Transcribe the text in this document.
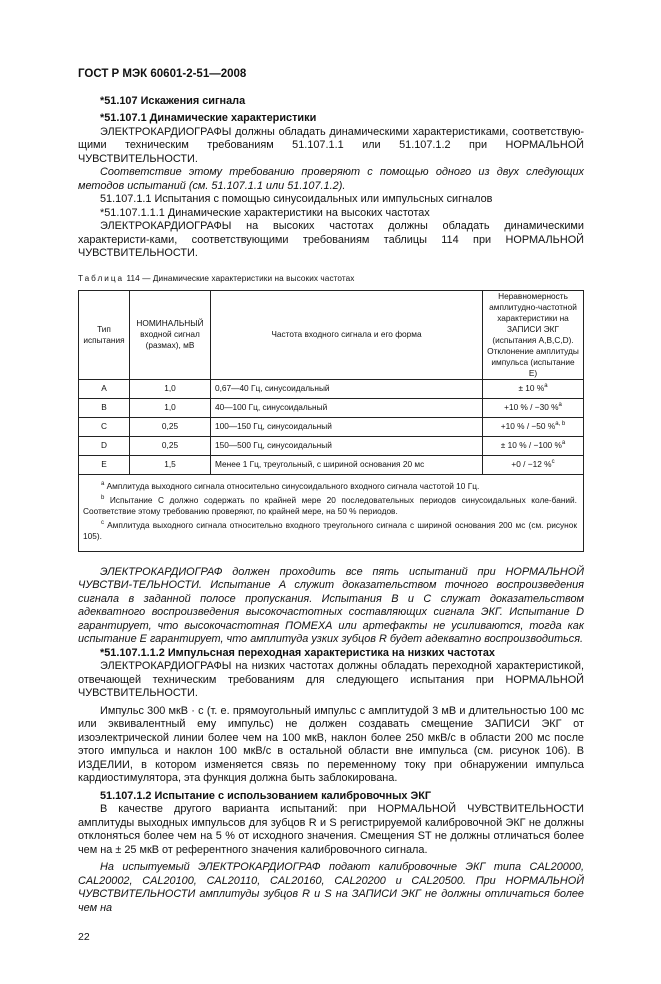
ГОСТ Р МЭК 60601-2-51—2008

*51.107 Искажения сигнала

*51.107.1 Динамические характеристики

ЭЛЕКТРОКАРДИОГРАФЫ должны обладать динамическими характеристиками, соответствую-щими техническим требованиям 51.107.1.1 или 51.107.1.2 при НОРМАЛЬНОЙ ЧУВСТВИТЕЛЬНОСТИ.

Соответствие этому требованию проверяют с помощью одного из двух следующих методов испытаний (см. 51.107.1.1 или 51.107.1.2).

51.107.1.1 Испытания с помощью синусоидальных или импульсных сигналов

*51.107.1.1.1 Динамические характеристики на высоких частотах

ЭЛЕКТРОКАРДИОГРАФЫ на высоких частотах должны обладать динамическими характеристи-ками, соответствующими требованиям таблицы 114 при НОРМАЛЬНОЙ ЧУВСТВИТЕЛЬНОСТИ.

Таблица 114 — Динамические характеристики на высоких частотах
Тип испытания	НОМИНАЛЬНЫЙ входной сигнал (размах), мВ	Частота входного сигнала и его форма	Неравномерность амплитудно-частотной характеристики на ЗАПИСИ ЭКГ (испытания A,B,C,D). Отклонение амплитуды импульса (испытание E)
A	1,0	0,67—40 Гц, синусоидальный	± 10 %$^a$
B	1,0	40—100 Гц, синусоидальный	+10 % / −30 %$^a$
C	0,25	100—150 Гц, синусоидальный	+10 % / −50 %$^{a, b}$
D	0,25	150—500 Гц, синусоидальный	± 10 % / −100 %$^a$
E	1,5	Менее 1 Гц, треугольный, с шириной основания 20 мс	+0 / −12 %$^c$

$^a$ Амплитуда выходного сигнала относительно синусоидального входного сигнала частотой 10 Гц.
$^b$ Испытание С должно содержать по крайней мере 20 последовательных периодов синусоидальных коле-баний. Соответствие этому требованию проверяют, по крайней мере, на 50 % периодов.
$^c$ Амплитуда выходного сигнала относительно входного треугольного сигнала с шириной основания 200 мс (см. рисунок 105).			

ЭЛЕКТРОКАРДИОГРАФ должен проходить все пять испытаний при НОРМАЛЬНОЙ ЧУВСТВИ-ТЕЛЬНОСТИ. Испытание А служит доказательством точного воспроизведения сигнала в заданной полосе пропускания. Испытания В и С служат доказательством адекватного воспроизведения высокочастотных составляющих сигнала ЭКГ. Испытание D гарантирует, что высокочастотная ПОМЕХА или артефакты не усиливаются, тогда как испытание E гарантирует, что амплитуда узких зубцов R будет адекватно воспроизводиться.

*51.107.1.1.2 Импульсная переходная характеристика на низких частотах

ЭЛЕКТРОКАРДИОГРАФЫ на низких частотах должны обладать переходной характеристикой, отвечающей техническим требованиям для следующего испытания при НОРМАЛЬНОЙ ЧУВСТВИТЕЛЬНОСТИ.

Импульс 300 мкВ · с (т. е. прямоугольный импульс с амплитудой 3 мВ и длительностью 100 мс или эквивалентный ему импульс) не должен создавать смещение ЗАПИСИ ЭКГ от изоэлектрической линии более чем на 100 мкВ, наклон более 250 мкВ/с в области 200 мс после этого импульса и наклон 100 мкВ/с в остальной области вне импульса (см. рисунок 106). В ИЗДЕЛИИ, в котором изменяется связь по переменному току при обнаружении импульса кардиостимулятора, эта функция должна быть заблокирована.

51.107.1.2 Испытание с использованием калибровочных ЭКГ

В качестве другого варианта испытаний: при НОРМАЛЬНОЙ ЧУВСТВИТЕЛЬНОСТИ амплитуды выходных импульсов для зубцов R и S регистрируемой калибровочной ЭКГ не должны отклоняться более чем на 5 % от исходного значения. Смещения ST не должны отличаться более чем на ± 25 мкВ от референтного значения калибровочного сигнала.

На испытуемый ЭЛЕКТРОКАРДИОГРАФ подают калибровочные ЭКГ типа CAL20000, CAL20002, CAL20100, CAL20110, CAL20160, CAL20200 и CAL20500. При НОРМАЛЬНОЙ ЧУВСТВИТЕЛЬНОСТИ амплитуды зубцов R и S на ЗАПИСИ ЭКГ не должны отличаться более чем на

22
